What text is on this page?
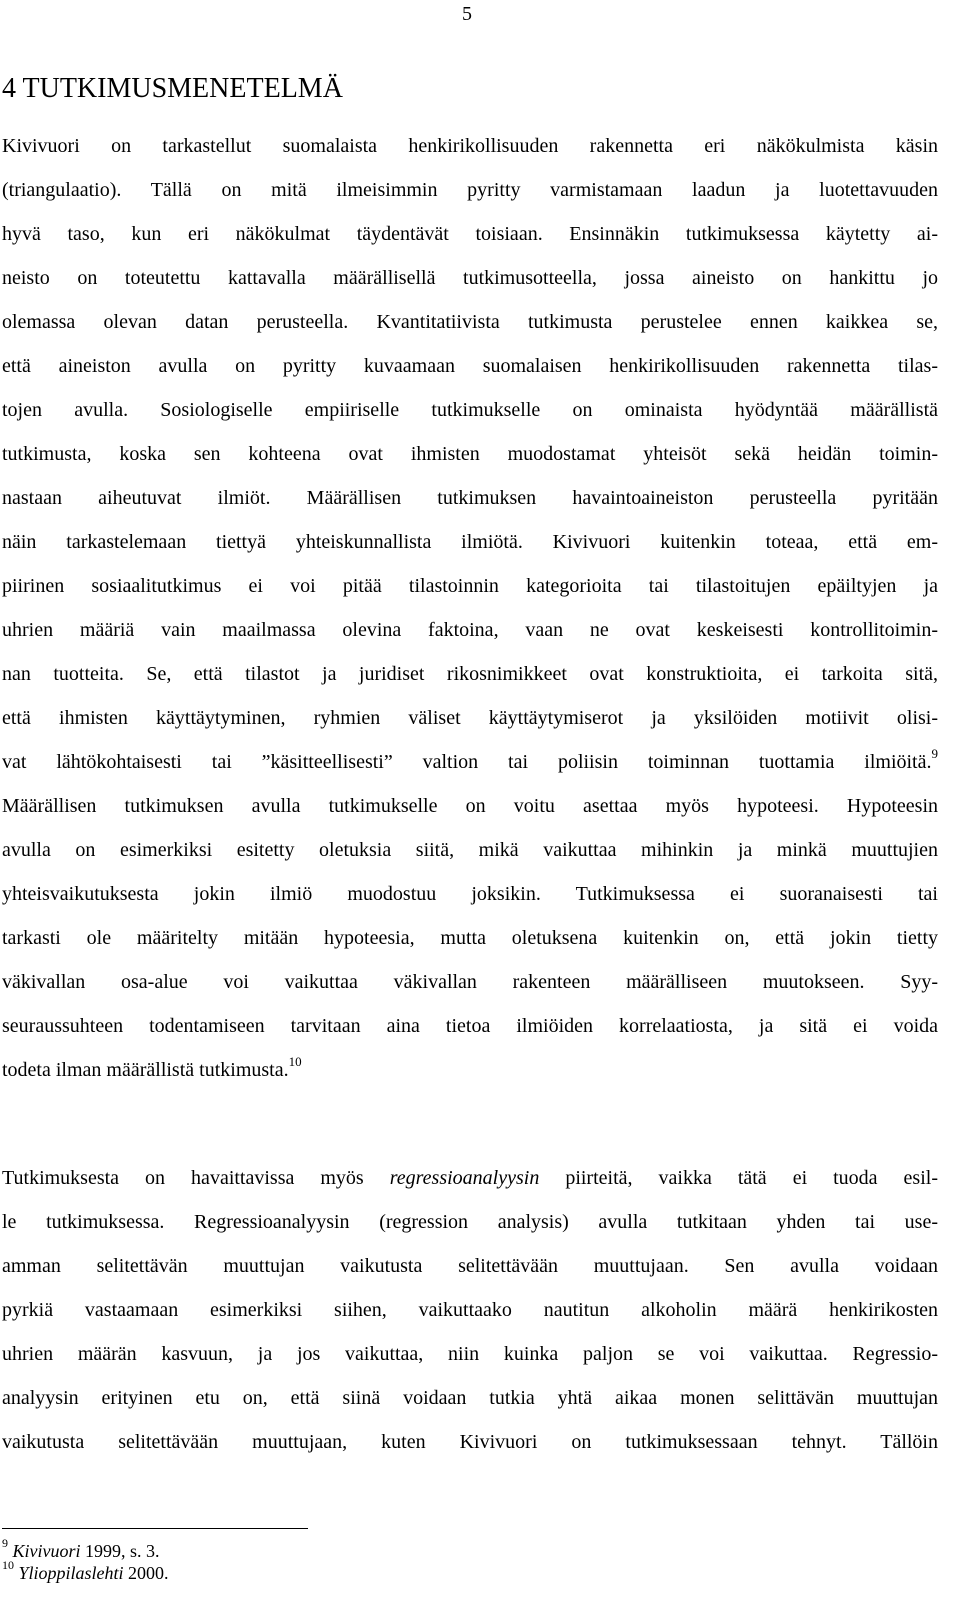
5
4 TUTKIMUSMENETELMÄ
Kivivuori on tarkastellut suomalaista henkirikollisuuden rakennetta eri näkökulmista käsin
(triangulaatio). Tällä on mitä ilmeisimmin pyritty varmistamaan laadun ja luotettavuuden
hyvä taso, kun eri näkökulmat täydentävät toisiaan. Ensinnäkin tutkimuksessa käytetty ai-
neisto on toteutettu kattavalla määrällisellä tutkimusotteella, jossa aineisto on hankittu jo
olemassa olevan datan perusteella. Kvantitatiivista tutkimusta perustelee ennen kaikkea se,
että aineiston avulla on pyritty kuvaamaan suomalaisen henkirikollisuuden rakennetta tilas-
tojen avulla. Sosiologiselle empiiriselle tutkimukselle on ominaista hyödyntää määrällistä
tutkimusta, koska sen kohteena ovat ihmisten muodostamat yhteisöt sekä heidän toimin-
nastaan aiheutuvat ilmiöt. Määrällisen tutkimuksen havaintoaineiston perusteella pyritään
näin tarkastelemaan tiettyä yhteiskunnallista ilmiötä. Kivivuori kuitenkin toteaa, että em-
piirinen sosiaalitutkimus ei voi pitää tilastoinnin kategorioita tai tilastoitujen epäiltyjen ja
uhrien määriä vain maailmassa olevina faktoina, vaan ne ovat keskeisesti kontrollitoimin-
nan tuotteita. Se, että tilastot ja juridiset rikosnimikkeet ovat konstruktioita, ei tarkoita sitä,
että ihmisten käyttäytyminen, ryhmien väliset käyttäytymiserot ja yksilöiden motiivit olisi-
vat lähtökohtaisesti tai ”käsitteellisesti” valtion tai poliisin toiminnan tuottamia ilmiöitä.$^9$
Määrällisen tutkimuksen avulla tutkimukselle on voitu asettaa myös hypoteesi. Hypoteesin
avulla on esimerkiksi esitetty oletuksia siitä, mikä vaikuttaa mihinkin ja minkä muuttujien
yhteisvaikutuksesta jokin ilmiö muodostuu joksikin. Tutkimuksessa ei suoranaisesti tai
tarkasti ole määritelty mitään hypoteesia, mutta oletuksena kuitenkin on, että jokin tietty
väkivallan osa-alue voi vaikuttaa väkivallan rakenteen määrälliseen muutokseen. Syy-
seuraussuhteen todentamiseen tarvitaan aina tietoa ilmiöiden korrelaatiosta, ja sitä ei voida
todeta ilman määrällistä tutkimusta.$^{10}$
Tutkimuksesta on havaittavissa myös regressioanalyysin piirteitä, vaikka tätä ei tuoda esil-
le tutkimuksessa. Regressioanalyysin (regression analysis) avulla tutkitaan yhden tai use-
amman selitettävän muuttujan vaikutusta selitettävään muuttujaan. Sen avulla voidaan
pyrkiä vastaamaan esimerkiksi siihen, vaikuttaako nautitun alkoholin määrä henkirikosten
uhrien määrän kasvuun, ja jos vaikuttaa, niin kuinka paljon se voi vaikuttaa. Regressio-
analyysin erityinen etu on, että siinä voidaan tutkia yhtä aikaa monen selittävän muuttujan
vaikutusta selitettävään muuttujaan, kuten Kivivuori on tutkimuksessaan tehnyt. Tällöin
$^9$ Kivivuori 1999, s. 3.
$^{10}$ Ylioppilaslehti 2000.
